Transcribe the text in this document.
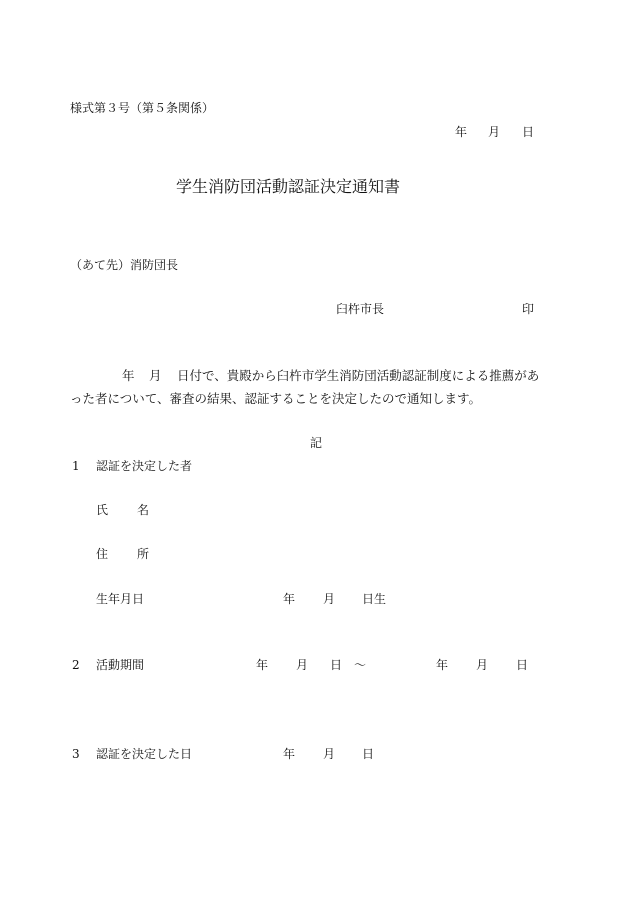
様式第３号（第５条関係）
年 月 日
学生消防団活動認証決定通知書
（あて先）消防団長
臼杵市長	印
年 月 日付で、貴殿から臼杵市学生消防団活動認証制度による推薦があ
った者について、審査の結果、認証することを決定したので通知します。
記
1 認証を決定した者
氏 名
住 所
生年月日	年 月 日生
2 活動期間	年 月 日 ～	年 月 日
3 認証を決定した日	年 月 日
